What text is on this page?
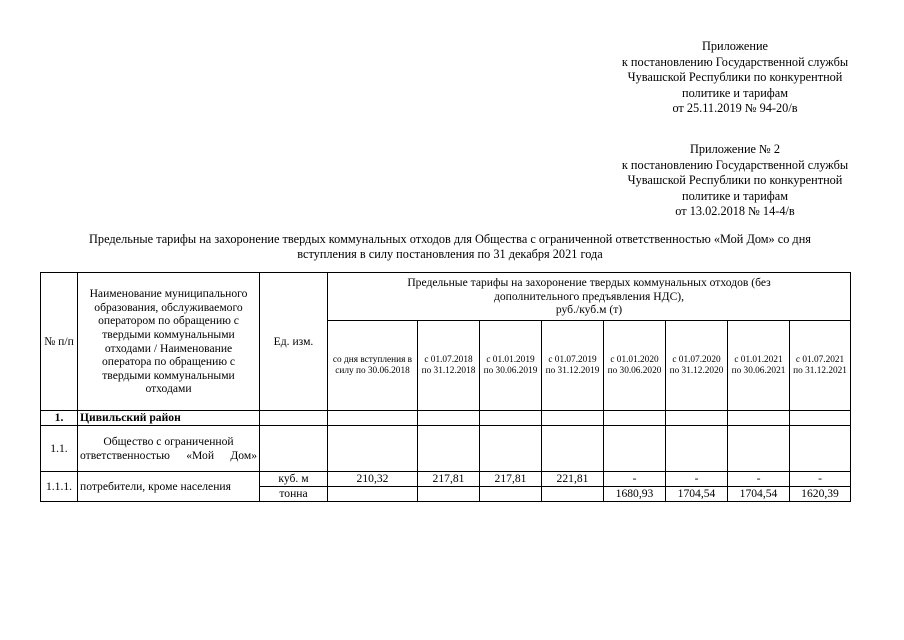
Приложение
к постановлению Государственной службы
Чувашской Республики по конкурентной
политике и тарифам
от 25.11.2019 № 94-20/в
Приложение № 2
к постановлению Государственной службы
Чувашской Республики по конкурентной
политике и тарифам
от 13.02.2018 № 14-4/в
Предельные тарифы на захоронение твердых коммунальных отходов для Общества с ограниченной ответственностью «Мой Дом» со дня
вступления в силу постановления по 31 декабря 2021 года
№ п/п	Наименование муниципального образования, обслуживаемого оператором по обращению с твердыми коммунальными отходами / Наименование оператора по обращению с твердыми коммунальными отходами	Ед. изм.	Предельные тарифы на захоронение твердых коммунальных отходов (без
дополнительного предъявления НДС),
руб./куб.м (т)							

			со дня вступления в силу по 30.06.2018	с 01.07.2018 по 31.12.2018	с 01.01.2019 по 30.06.2019	с 01.07.2019 по 31.12.2019	с 01.01.2020 по 30.06.2020	с 01.07.2020 по 31.12.2020	с 01.01.2021 по 30.06.2021	с 01.07.2021 по 31.12.2021
1.	Цивильский район									
1.1.	Общество с ограниченной ответственностью «Мой Дом»									
1.1.1.	потребители, кроме населения	куб. м	210,32	217,81	217,81	221,81	-	-	-	-
		тонна					1680,93	1704,54	1704,54	1620,39
